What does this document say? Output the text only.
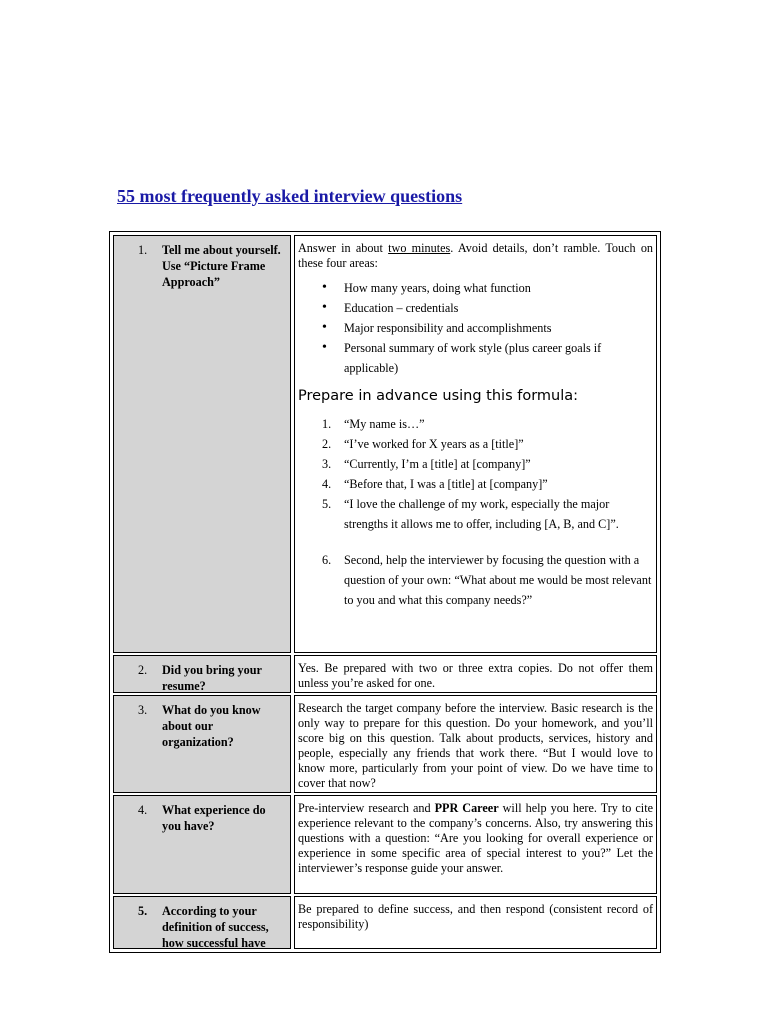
55 most frequently asked interview questions
1. Tell me about yourself. Use “Picture Frame Approach”

Answer in about two minutes. Avoid details, don’t ramble. Touch on these four areas:

• How many years, doing what function
• Education – credentials
• Major responsibility and accomplishments
• Personal summary of work style (plus career goals if applicable)

Prepare in advance using this formula:

1. “My name is…”
2. “I’ve worked for X years as a [title]”
3. “Currently, I’m a [title] at [company]”
4. “Before that, I was a [title] at [company]”
5. “I love the challenge of my work, especially the major strengths it allows me to offer, including [A, B, and C]”.
6. Second, help the interviewer by focusing the question with a question of your own: “What about me would be most relevant to you and what this company needs?”
2. Did you bring your resume?

Yes. Be prepared with two or three extra copies. Do not offer them unless you’re asked for one.

3. What do you know about our organization?

Research the target company before the interview. Basic research is the only way to prepare for this question. Do your homework, and you’ll score big on this question. Talk about products, services, history and people, especially any friends that work there. “But I would love to know more, particularly from your point of view. Do we have time to cover that now?

4. What experience do you have?

Pre-interview research and PPR Career will help you here. Try to cite experience relevant to the company’s concerns. Also, try answering this questions with a question: “Are you looking for overall experience or experience in some specific area of special interest to you?” Let the interviewer’s response guide your answer.

5. According to your definition of success, how successful have

Be prepared to define success, and then respond (consistent record of responsibility)
